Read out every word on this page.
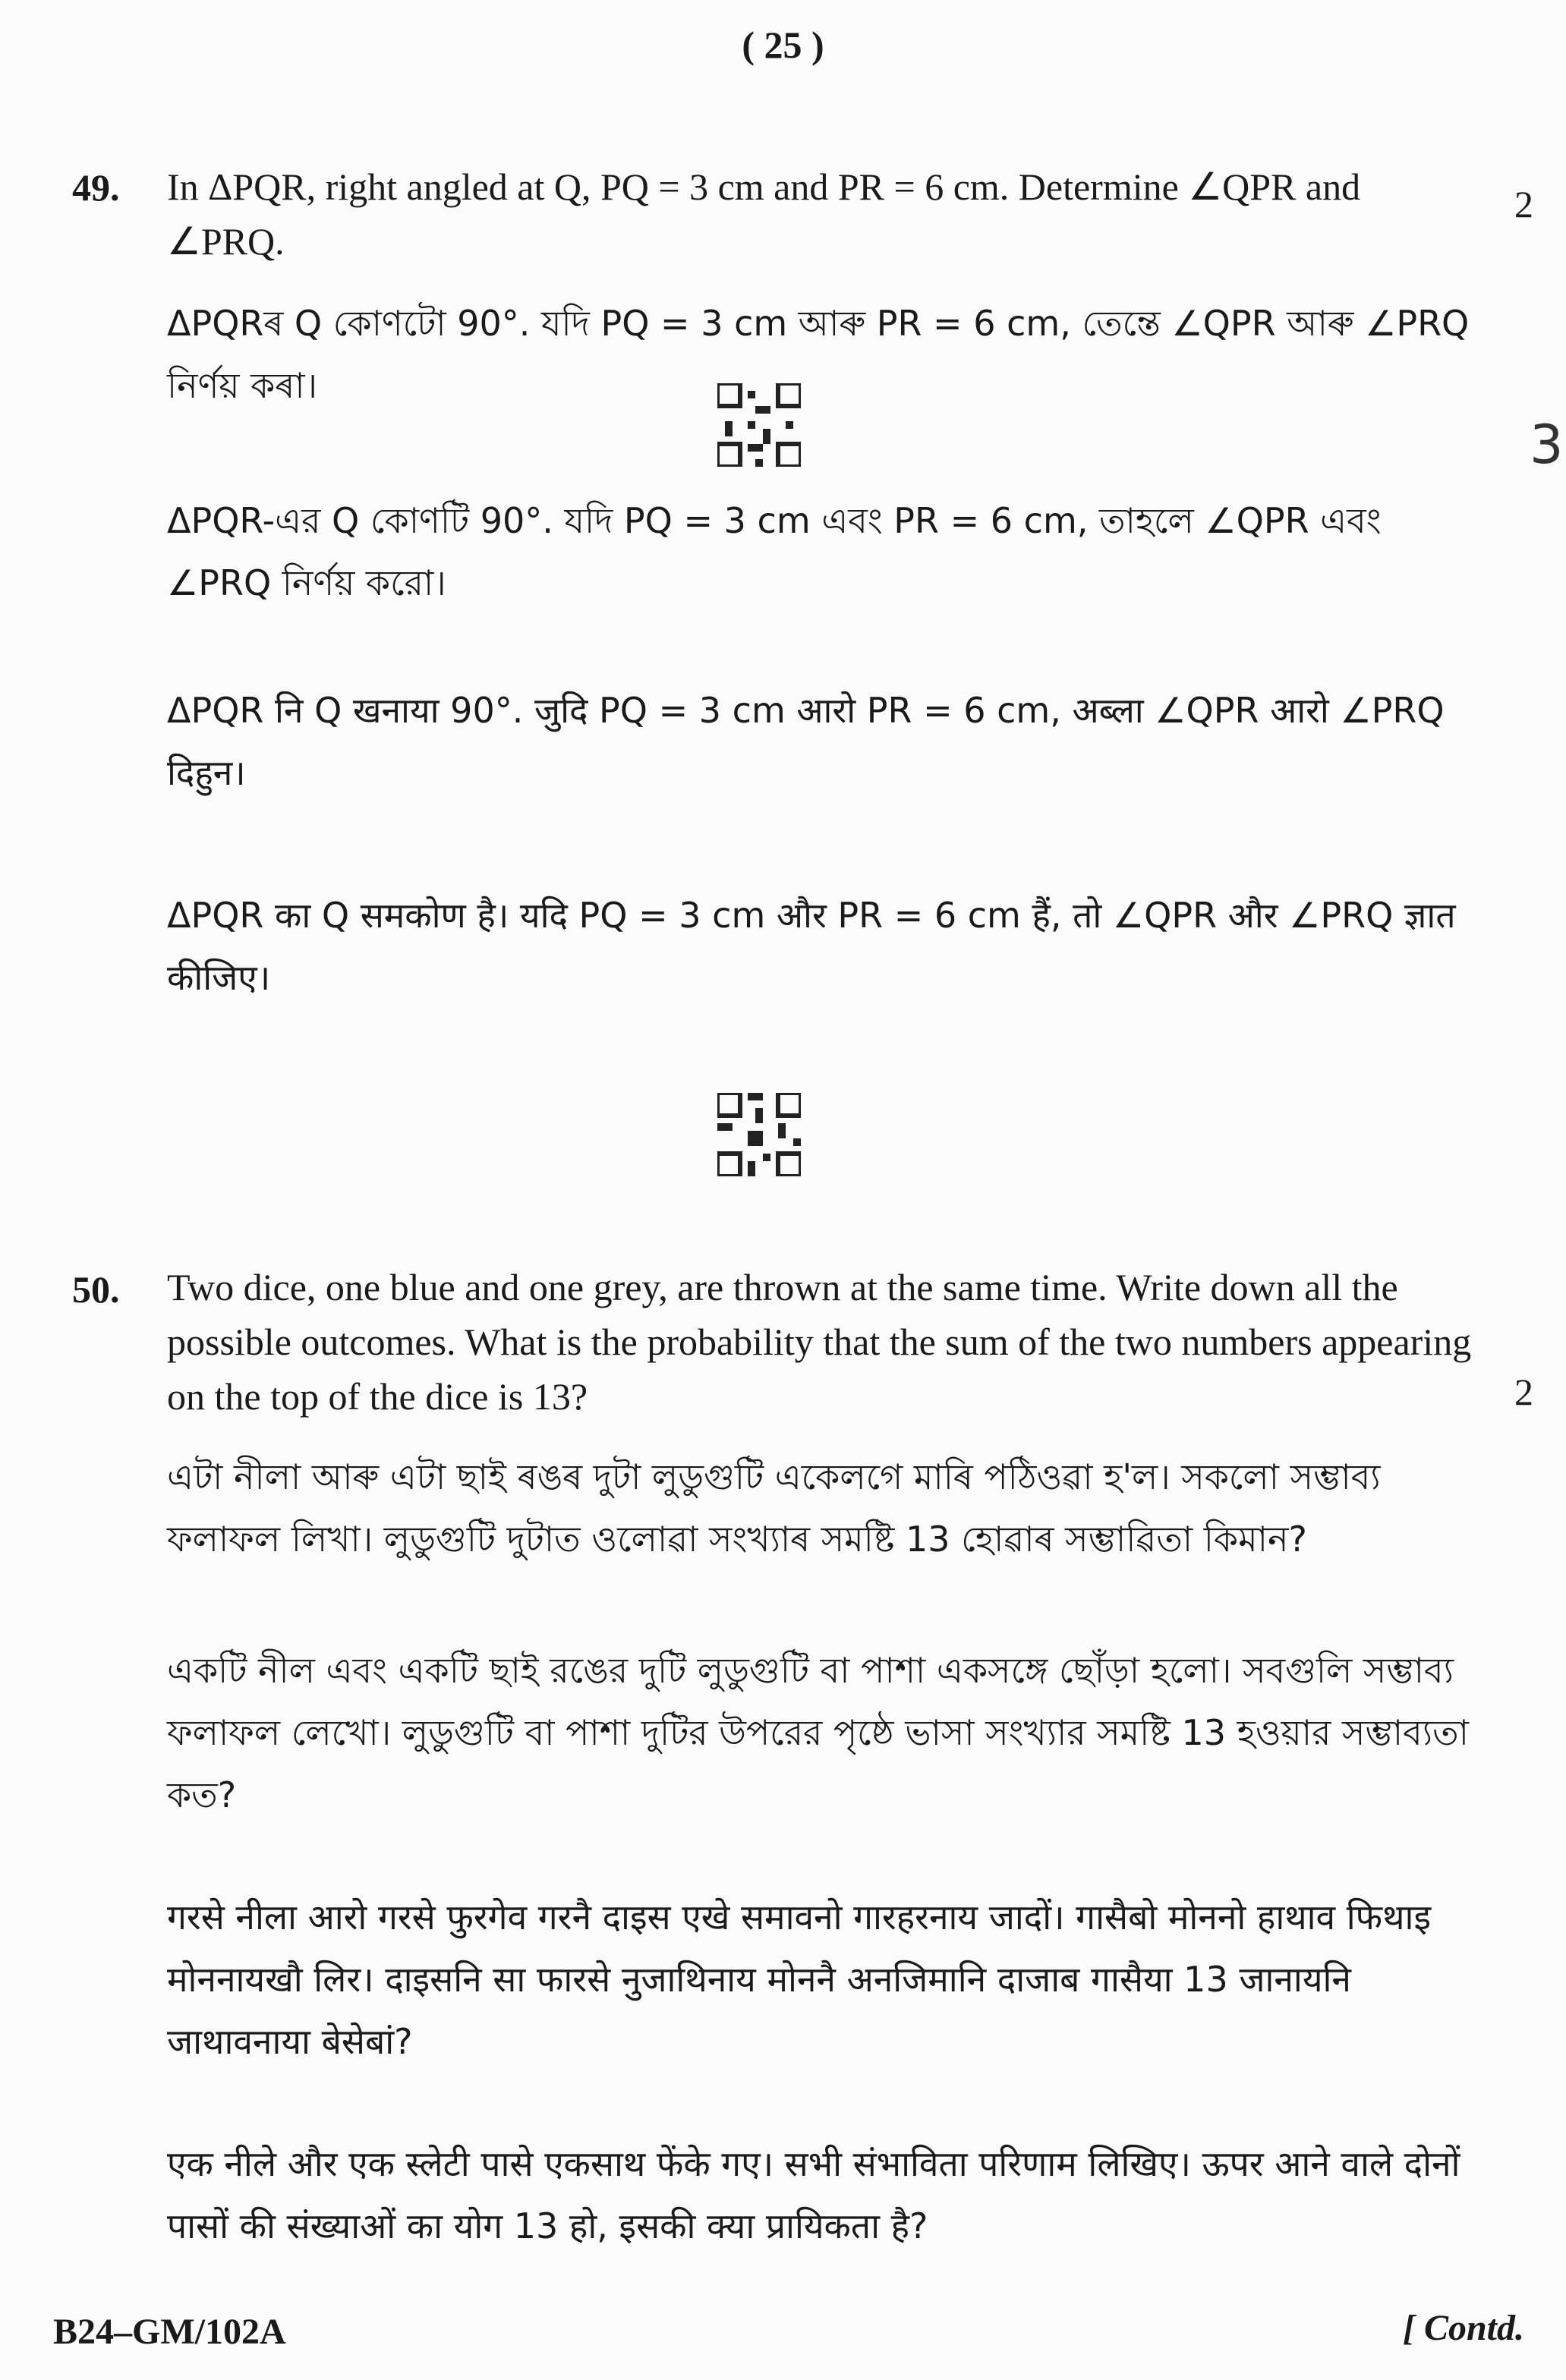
( 25 )
49. In ΔPQR, right angled at Q, PQ = 3 cm and PR = 6 cm. Determine ∠QPR and ∠PRQ.
2
ΔPQRৰ Q কোণটো 90°. যদি PQ = 3 cm আৰু PR = 6 cm, তেন্তে ∠QPR আৰু ∠PRQ নিৰ্ণয় কৰা।
3
ΔPQR-এর Q কোণটি 90°. যদি PQ = 3 cm এবং PR = 6 cm, তাহলে ∠QPR এবং ∠PRQ নির্ণয় করো।
ΔPQR नि Q खनाया 90°. जुदि PQ = 3 cm आरो PR = 6 cm, अब्ला ∠QPR आरो ∠PRQ दिहुन।
ΔPQR का Q समकोण है। यदि PQ = 3 cm और PR = 6 cm हैं, तो ∠QPR और ∠PRQ ज्ञात कीजिए।
50. Two dice, one blue and one grey, are thrown at the same time. Write down all the possible outcomes. What is the probability that the sum of the two numbers appearing on the top of the dice is 13?	2
এটা নীলা আৰু এটা ছাই ৰঙৰ দুটা লুডুগুটি একেলগে মাৰি পঠিওৱা হ'ল। সকলো সম্ভাব্য ফলাফল লিখা। লুডুগুটি দুটাত ওলোৱা সংখ্যাৰ সমষ্টি 13 হোৱাৰ সম্ভাৱিতা কিমান?
একটি নীল এবং একটি ছাই রঙের দুটি লুডুগুটি বা পাশা একসঙ্গে ছোঁড়া হলো। সবগুলি সম্ভাব্য ফলাফল লেখো। লুডুগুটি বা পাশা দুটির উপরের পৃষ্ঠে ভাসা সংখ্যার সমষ্টি 13 হওয়ার সম্ভাব্যতা কত?
गरसे नीला आरो गरसे फुरगेव गरनै दाइस एखे समावनो गारहरनाय जादों। गासैबो मोननो हाथाव फिथाइ मोननायखौ लिर। दाइसनि सा फारसे नुजाथिनाय मोननै अनजिमानि दाजाब गासैया 13 जानायनि जाथावनाया बेसेबां?
एक नीले और एक स्लेटी पासे एकसाथ फेंके गए। सभी संभाविता परिणाम लिखिए। ऊपर आने वाले दोनों पासों की संख्याओं का योग 13 हो, इसकी क्या प्रायिकता है?
B24–GM/102A	[ Contd.
